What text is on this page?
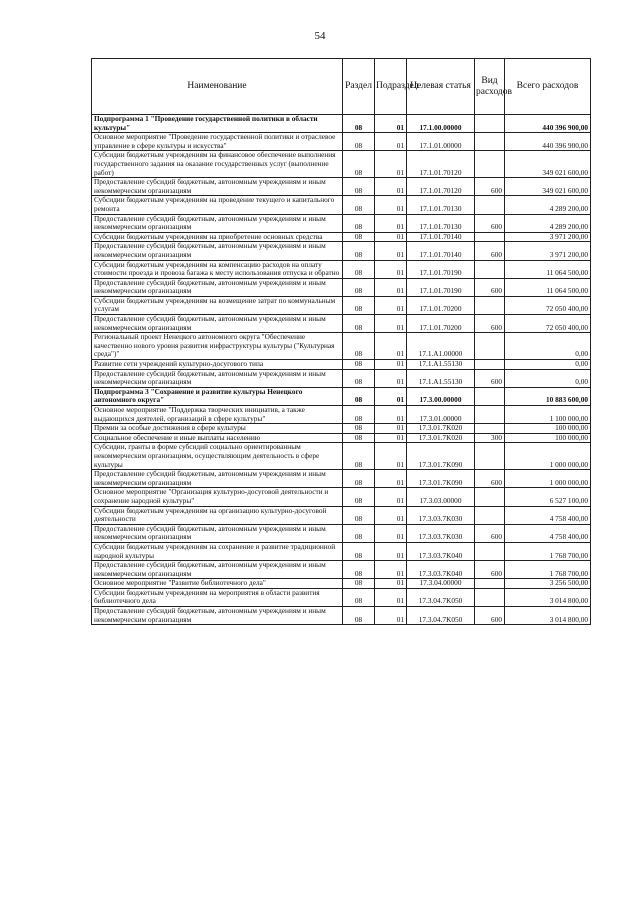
54
Наименование	Раздел	Подраздел	Целевая статья	Вид расходов	Всего расходов
Подпрограмма 1 "Проведение государственной политики в области культуры"	08	01	17.1.00.00000		440 396 900,00
Основное мероприятие "Проведение государственной политики и отраслевое управление в сфере культуры и искусства"	08	01	17.1.01.00000		440 396 900,00
Субсидии бюджетным учреждениям на финансовое обеспечение выполнения государственного задания на оказание государственных услуг (выполнение работ)	08	01	17.1.01.70120		349 021 600,00
Предоставление субсидий бюджетным, автономным учреждениям и иным некоммерческим организациям	08	01	17.1.01.70120	600	349 021 600,00
Субсидии бюджетным учреждениям на проведение текущего и капитального ремонта	08	01	17.1.01.70130		4 289 200,00
Предоставление субсидий бюджетным, автономным учреждениям и иным некоммерческим организациям	08	01	17.1.01.70130	600	4 289 200,00
Субсидии бюджетным учреждениям на приобретение основных средства	08	01	17.1.01.70140		3 971 200,00
Предоставление субсидий бюджетным, автономным учреждениям и иным некоммерческим организациям	08	01	17.1.01.70140	600	3 971 200,00
Субсидии бюджетным учреждениям на компенсацию расходов на оплату стоимости проезда и провоза багажа к месту использования отпуска и обратно	08	01	17.1.01.70190		11 064 500,00
Предоставление субсидий бюджетным, автономным учреждениям и иным некоммерческим организациям	08	01	17.1.01.70190	600	11 064 500,00
Субсидии бюджетным учреждениям на возмещение затрат по коммунальным услугам	08	01	17.1.01.70200		72 050 400,00
Предоставление субсидий бюджетным, автономным учреждениям и иным некоммерческим организациям	08	01	17.1.01.70200	600	72 050 400,00
Региональный проект Ненецкого автономного округа "Обеспечение качественно нового уровня развития инфраструктуры культуры ("Культурная среда")"	08	01	17.1.A1.00000		0,00
Развитие сети учреждений культурно-досугового типа	08	01	17.1.A1.55130		0,00
Предоставление субсидий бюджетным, автономным учреждениям и иным некоммерческим организациям	08	01	17.1.A1.55130	600	0,00
Подпрограмма 3 "Сохранение и развитие культуры Ненецкого автономного округа"	08	01	17.3.00.00000		10 883 600,00
Основное мероприятие "Поддержка творческих инициатив, а также выдающихся деятелей, организаций в сфере культуры"	08	01	17.3.01.00000		1 100 000,00
Премии за особые достижения в сфере культуры	08	01	17.3.01.7K020		100 000,00
Социальное обеспечение и иные выплаты населению	08	01	17.3.01.7K020	300	100 000,00
Субсидии, гранты в форме субсидий социально ориентированным некоммерческим организациям, осуществляющим деятельность в сфере культуры	08	01	17.3.01.7K090		1 000 000,00
Предоставление субсидий бюджетным, автономным учреждениям и иным некоммерческим организациям	08	01	17.3.01.7K090	600	1 000 000,00
Основное мероприятие "Организация культурно-досуговой деятельности и сохранение народной культуры"	08	01	17.3.03.00000		6 527 100,00
Субсидии бюджетным учреждениям на организацию культурно-досуговой деятельности	08	01	17.3.03.7K030		4 758 400,00
Предоставление субсидий бюджетным, автономным учреждениям и иным некоммерческим организациям	08	01	17.3.03.7K030	600	4 758 400,00
Субсидии бюджетным учреждениям на сохранение и развитие традиционной народной культуры	08	01	17.3.03.7K040		1 768 700,00
Предоставление субсидий бюджетным, автономным учреждениям и иным некоммерческим организациям	08	01	17.3.03.7K040	600	1 768 700,00
Основное мероприятие "Развитие библиотечного дела"	08	01	17.3.04.00000		3 256 500,00
Субсидии бюджетным учреждениям на мероприятия в области развития библиотечного дела	08	01	17.3.04.7K050		3 014 800,00
Предоставление субсидий бюджетным, автономным учреждениям и иным некоммерческим организациям	08	01	17.3.04.7K050	600	3 014 800,00
